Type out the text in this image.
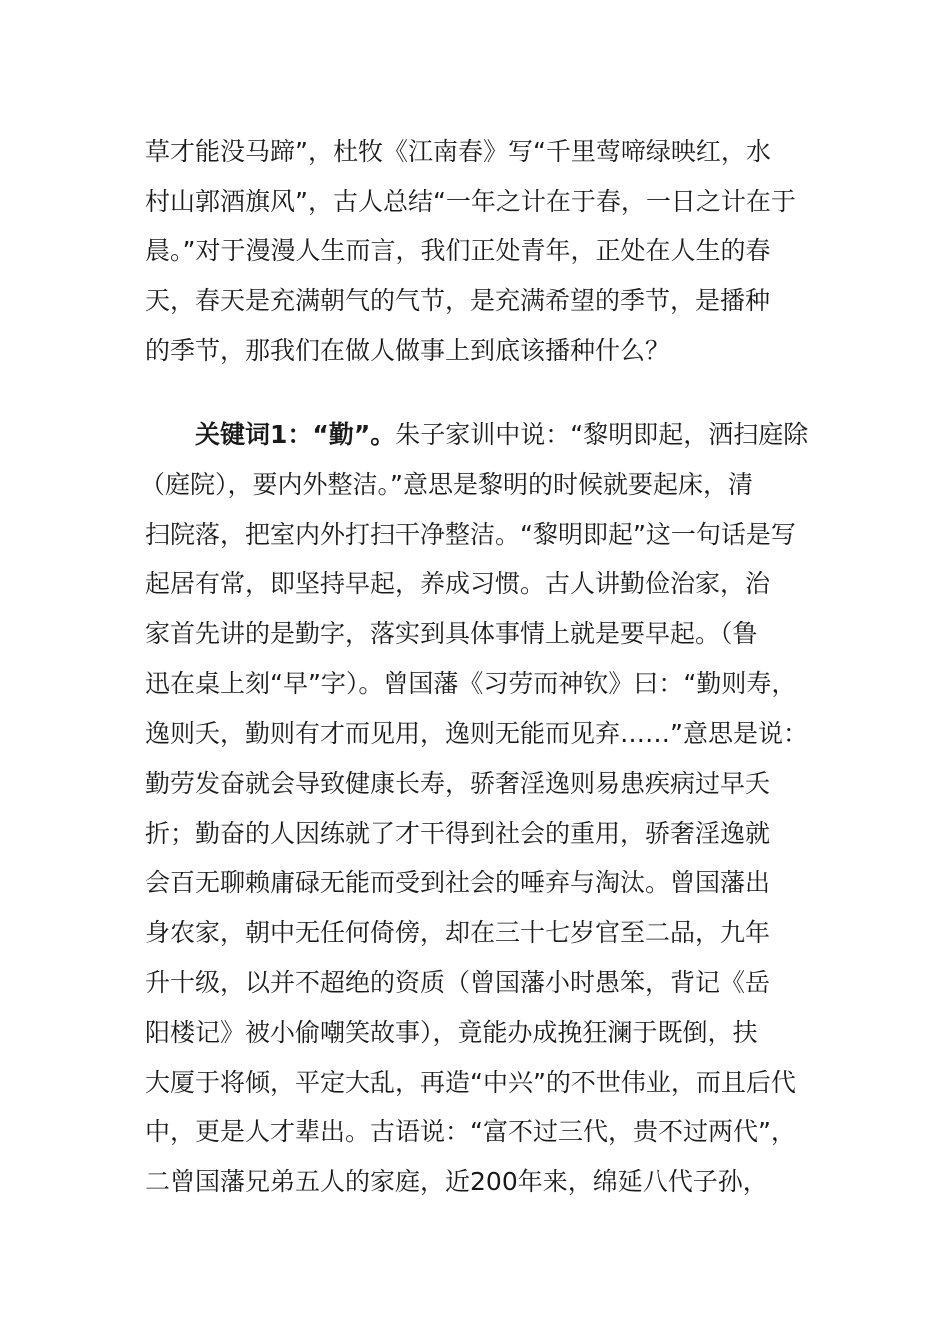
草才能没马蹄”，杜牧《江南春》写“千里莺啼绿映红，水
村山郭酒旗风”，古人总结“一年之计在于春，一日之计在于
晨。”对于漫漫人生而言，我们正处青年，正处在人生的春
天，春天是充满朝气的气节，是充满希望的季节，是播种
的季节，那我们在做人做事上到底该播种什么？
关键词1：“勤”。朱子家训中说：“黎明即起，洒扫庭除
（庭院），要内外整洁。”意思是黎明的时候就要起床，清
扫院落，把室内外打扫干净整洁。“黎明即起”这一句话是写
起居有常，即坚持早起，养成习惯。古人讲勤俭治家，治
家首先讲的是勤字，落实到具体事情上就是要早起。（鲁
迅在桌上刻“早”字）。曾国藩《习劳而神钦》曰：“勤则寿，
逸则夭，勤则有才而见用，逸则无能而见弃……”意思是说：
勤劳发奋就会导致健康长寿，骄奢淫逸则易患疾病过早夭
折；勤奋的人因练就了才干得到社会的重用，骄奢淫逸就
会百无聊赖庸碌无能而受到社会的唾弃与淘汰。曾国藩出
身农家，朝中无任何倚傍，却在三十七岁官至二品，九年
升十级，以并不超绝的资质（曾国藩小时愚笨，背记《岳
阳楼记》被小偷嘲笑故事），竟能办成挽狂澜于既倒，扶
大厦于将倾，平定大乱，再造“中兴”的不世伟业，而且后代
中，更是人才辈出。古语说：“富不过三代，贵不过两代”，
二曾国藩兄弟五人的家庭，近200年来，绵延八代子孙，
